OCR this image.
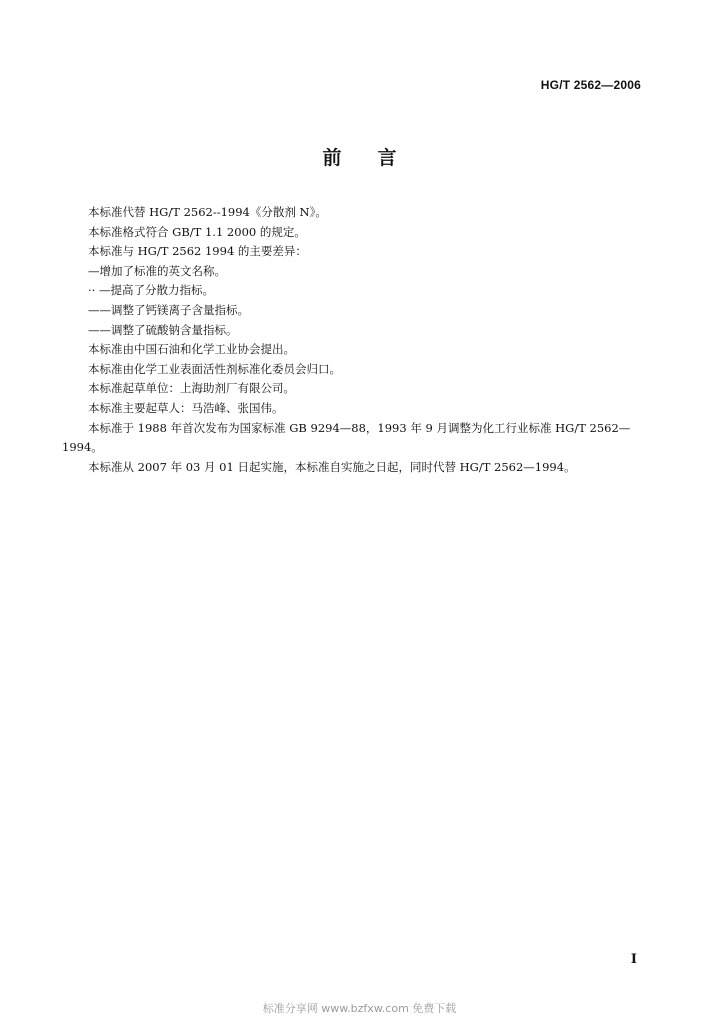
HG/T 2562—2006
前言

本标准代替 HG/T 2562--1994《分散剂 N》。

本标准格式符合 GB/T 1.1 2000 的规定。

本标准与 HG/T 2562 1994 的主要差异：

—增加了标准的英文名称。

·· —提高了分散力指标。

——调整了钙镁离子含量指标。

——调整了硫酸钠含量指标。

本标准由中国石油和化学工业协会提出。

本标准由化学工业表面活性剂标准化委员会归口。

本标准起草单位：上海助剂厂有限公司。

本标准主要起草人：马浩峰、张国伟。

本标准于 1988 年首次发布为国家标准 GB 9294—88，1993 年 9 月调整为化工行业标准 HG/T 2562—1994。

本标准从 2007 年 03 月 01 日起实施，本标准自实施之日起，同时代替 HG/T 2562—1994。

I
标准分享网 www.bzfxw.com 免费下载
